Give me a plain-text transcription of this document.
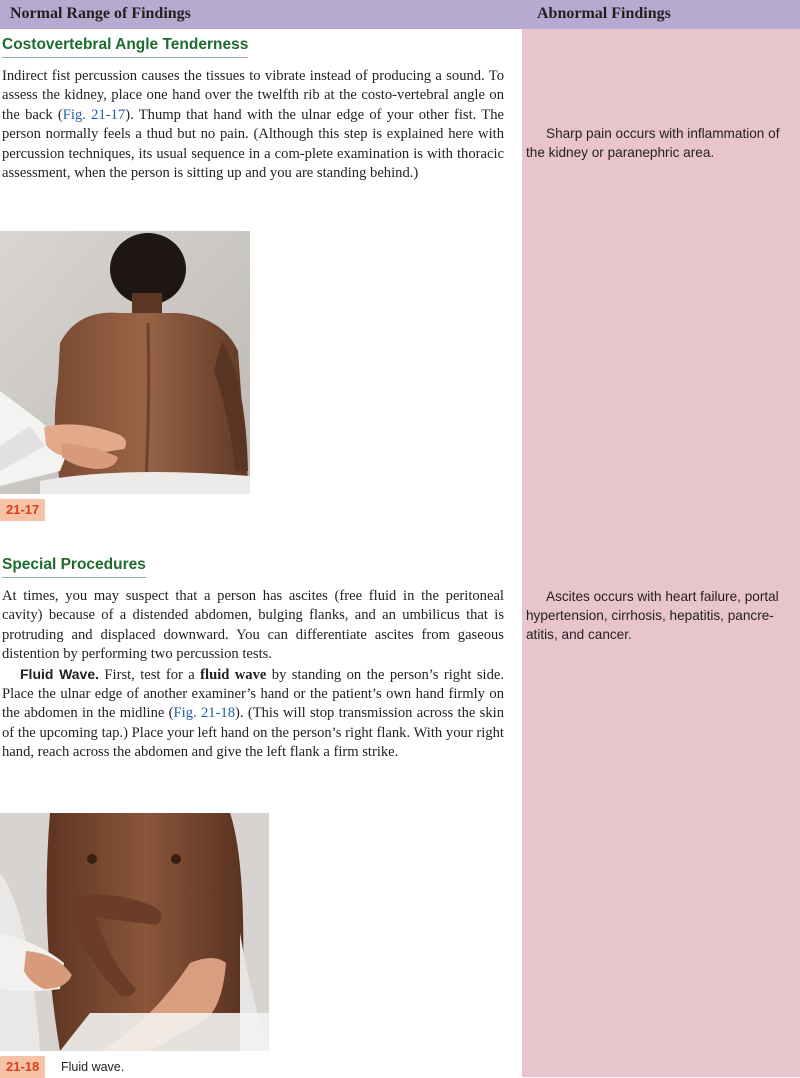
Normal Range of Findings	Abnormal Findings
Costovertebral Angle Tenderness

Indirect fist percussion causes the tissues to vibrate instead of producing a sound. To assess the kidney, place one hand over the twelfth rib at the costo-vertebral angle on the back (Fig. 21-17). Thump that hand with the ulnar edge of your other fist. The person normally feels a thud but no pain. (Although this step is explained here with percussion techniques, its usual sequence in a com-plete examination is with thoracic assessment, when the person is sitting up and you are standing behind.)

Sharp pain occurs with inflammation of the kidney or paranephric area.
21-17
Special Procedures

At times, you may suspect that a person has ascites (free fluid in the peritoneal cavity) because of a distended abdomen, bulging flanks, and an umbilicus that is protruding and displaced downward. You can differentiate ascites from gaseous distention by performing two percussion tests.

Fluid Wave. First, test for a fluid wave by standing on the person’s right side. Place the ulnar edge of another examiner’s hand or the patient’s own hand firmly on the abdomen in the midline (Fig. 21-18). (This will stop transmission across the skin of the upcoming tap.) Place your left hand on the person’s right flank. With your right hand, reach across the abdomen and give the left flank a firm strike.

Ascites occurs with heart failure, portal hypertension, cirrhosis, hepatitis, pancre-atitis, and cancer.
21-18	Fluid wave.
